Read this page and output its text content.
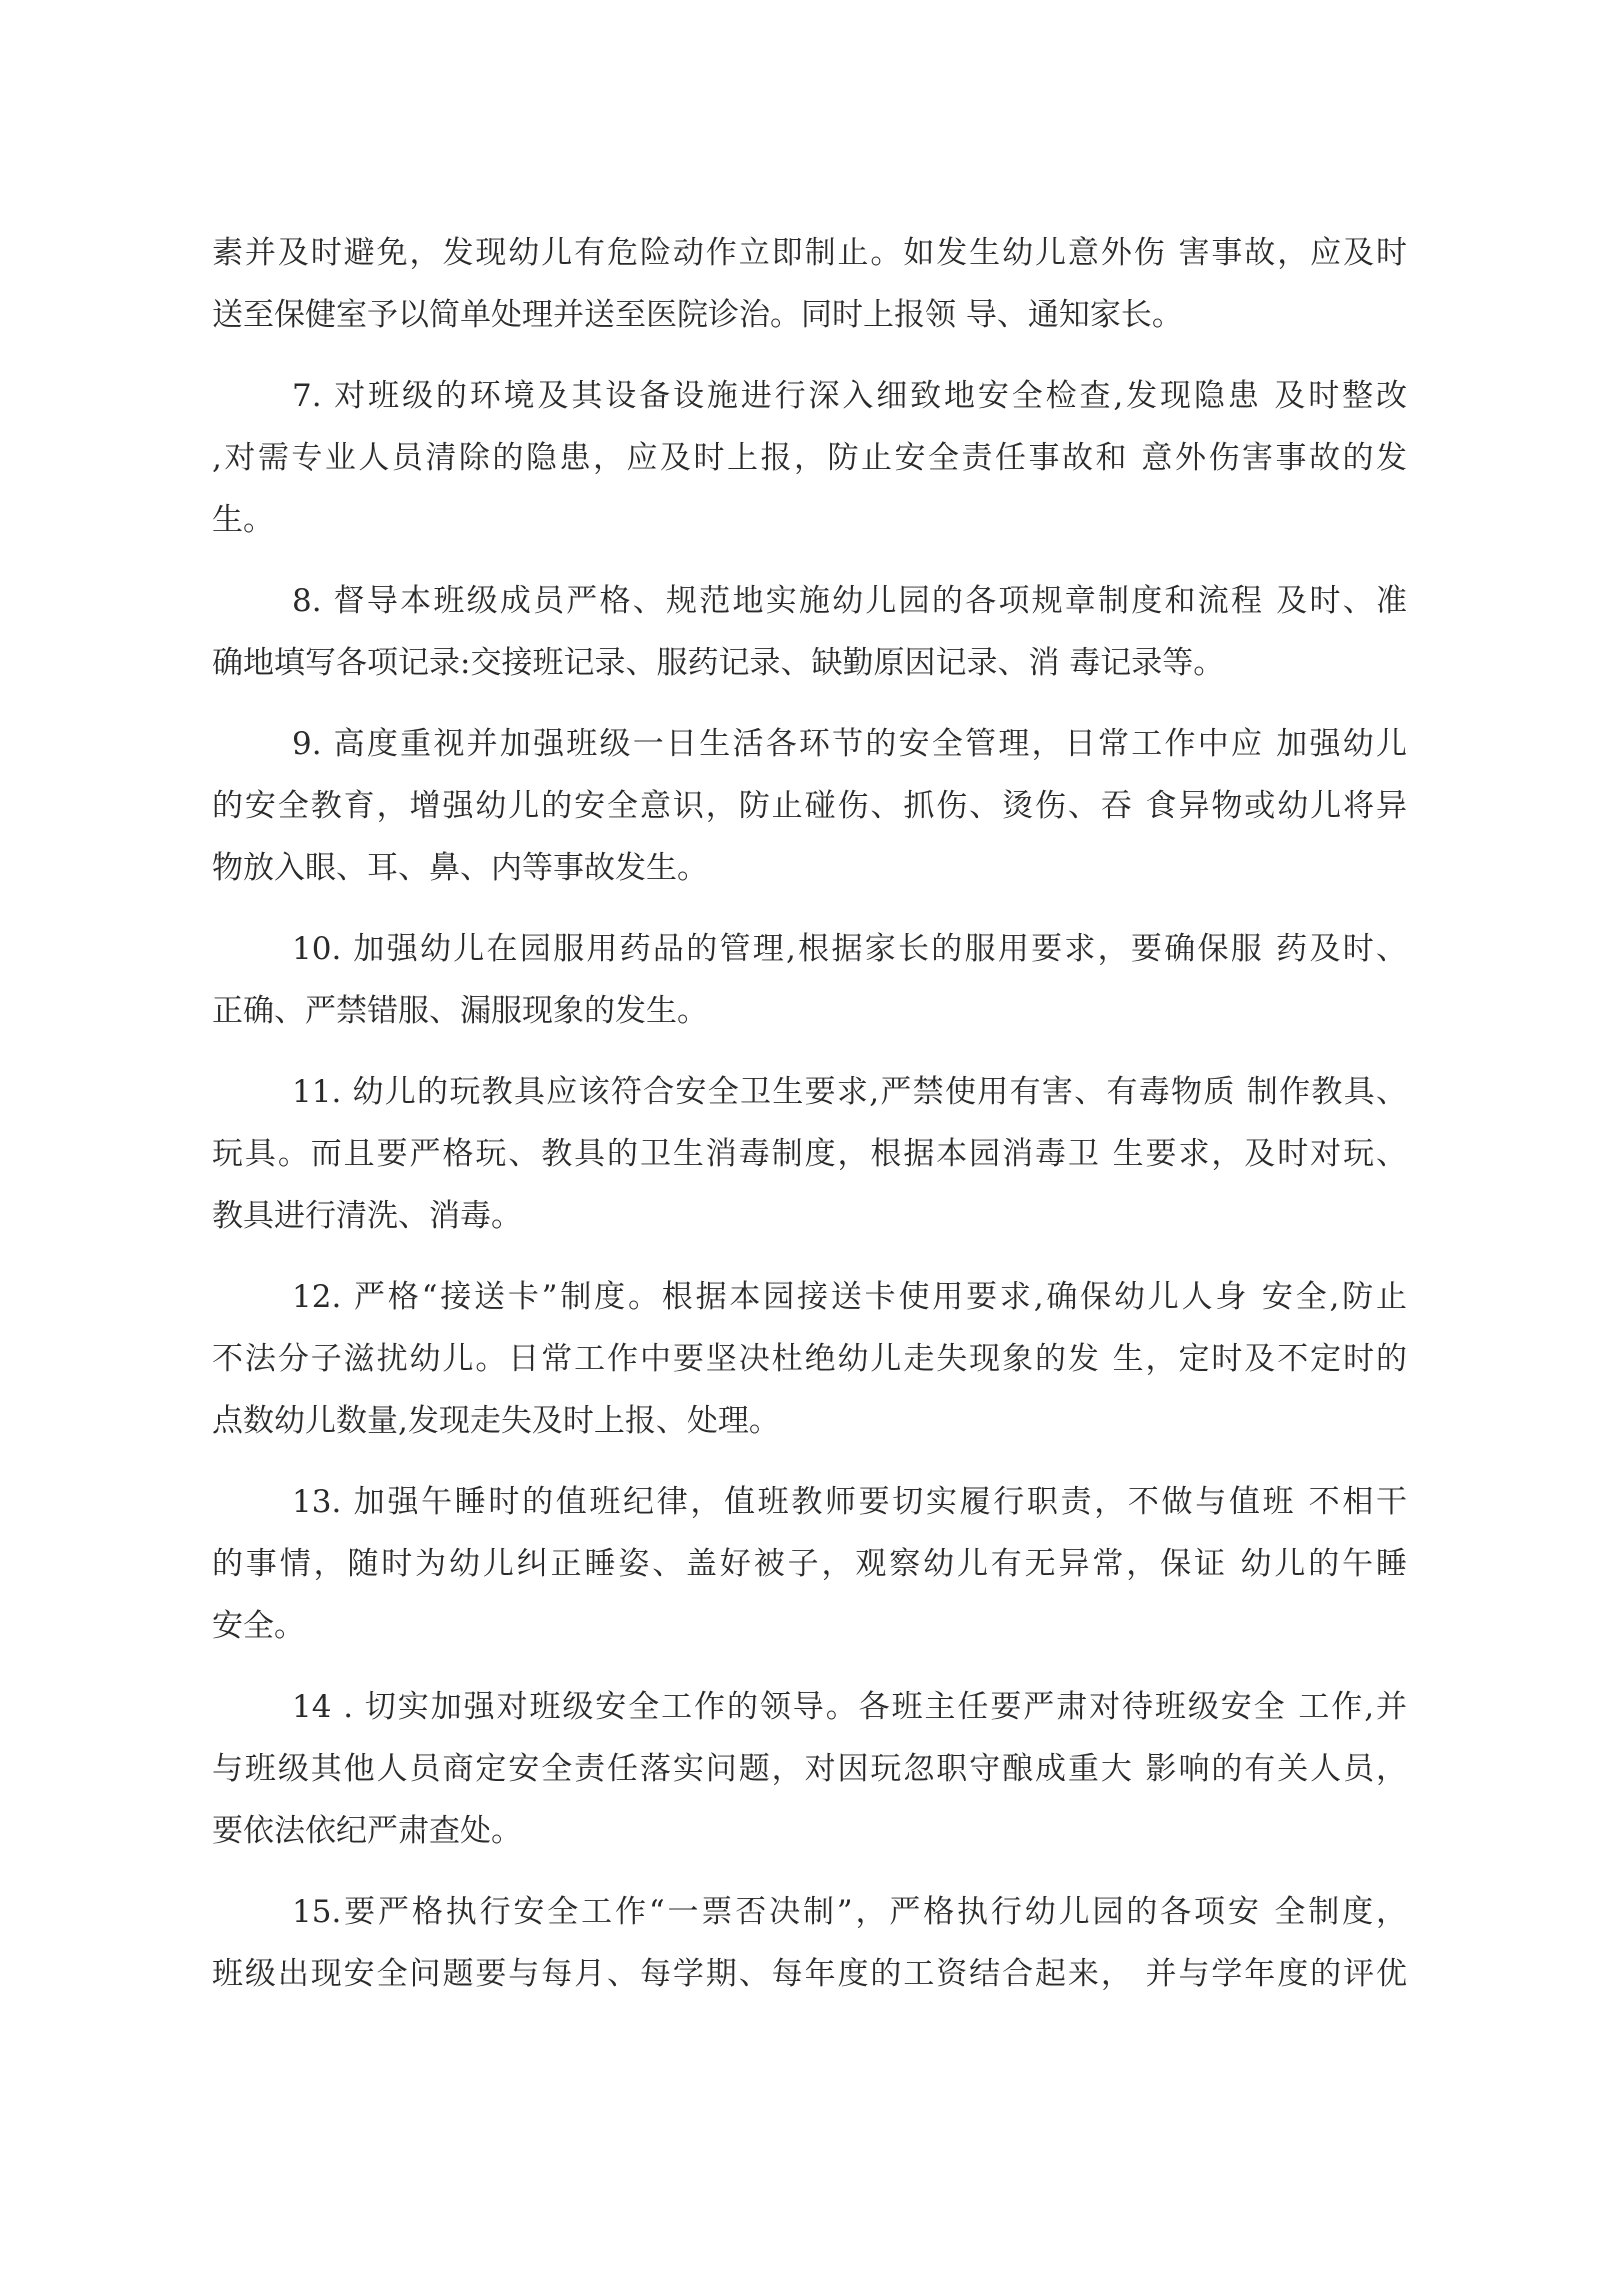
素并及时避免，发现幼儿有危险动作立即制止。如发生幼儿意外伤 害事故，应及时
送至保健室予以简单处理并送至医院诊治。同时上报领 导、通知家长。
7. 对班级的环境及其设备设施进行深入细致地安全检查,发现隐患 及时整改
,对需专业人员清除的隐患，应及时上报，防止安全责任事故和 意外伤害事故的发
生。
8. 督导本班级成员严格、规范地实施幼儿园的各项规章制度和流程 及时、准
确地填写各项记录:交接班记录、服药记录、缺勤原因记录、消 毒记录等。
9. 高度重视并加强班级一日生活各环节的安全管理，日常工作中应 加强幼儿
的安全教育，增强幼儿的安全意识，防止碰伤、抓伤、烫伤、吞 食异物或幼儿将异
物放入眼、耳、鼻、内等事故发生。
10. 加强幼儿在园服用药品的管理,根据家长的服用要求，要确保服 药及时、
正确、严禁错服、漏服现象的发生。
11. 幼儿的玩教具应该符合安全卫生要求,严禁使用有害、有毒物质 制作教具、
玩具。而且要严格玩、教具的卫生消毒制度，根据本园消毒卫 生要求，及时对玩、
教具进行清洗、消毒。
12. 严格“接送卡”制度。根据本园接送卡使用要求,确保幼儿人身 安全,防止
不法分子滋扰幼儿。日常工作中要坚决杜绝幼儿走失现象的发 生，定时及不定时的
点数幼儿数量,发现走失及时上报、处理。
13. 加强午睡时的值班纪律，值班教师要切实履行职责，不做与值班 不相干
的事情，随时为幼儿纠正睡姿、盖好被子，观察幼儿有无异常，保证 幼儿的午睡
安全。
14 . 切实加强对班级安全工作的领导。各班主任要严肃对待班级安全 工作,并
与班级其他人员商定安全责任落实问题，对因玩忽职守酿成重大 影响的有关人员，
要依法依纪严肃查处。
15.要严格执行安全工作“一票否决制”，严格执行幼儿园的各项安 全制度，
班级出现安全问题要与每月、每学期、每年度的工资结合起来， 并与学年度的评优
